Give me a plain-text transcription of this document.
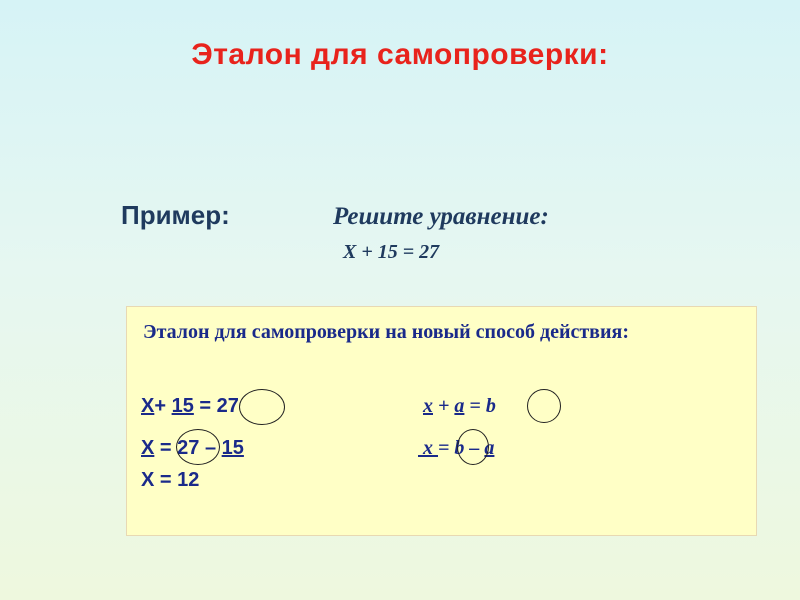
Эталон для самопроверки:
Пример:	Решите уравнение:
X + 15 = 27
Эталон для самопроверки на новый способ действия:
X+ 15 = 27
X = 27 – 15
X = 12
x + a = b
x = b – a
